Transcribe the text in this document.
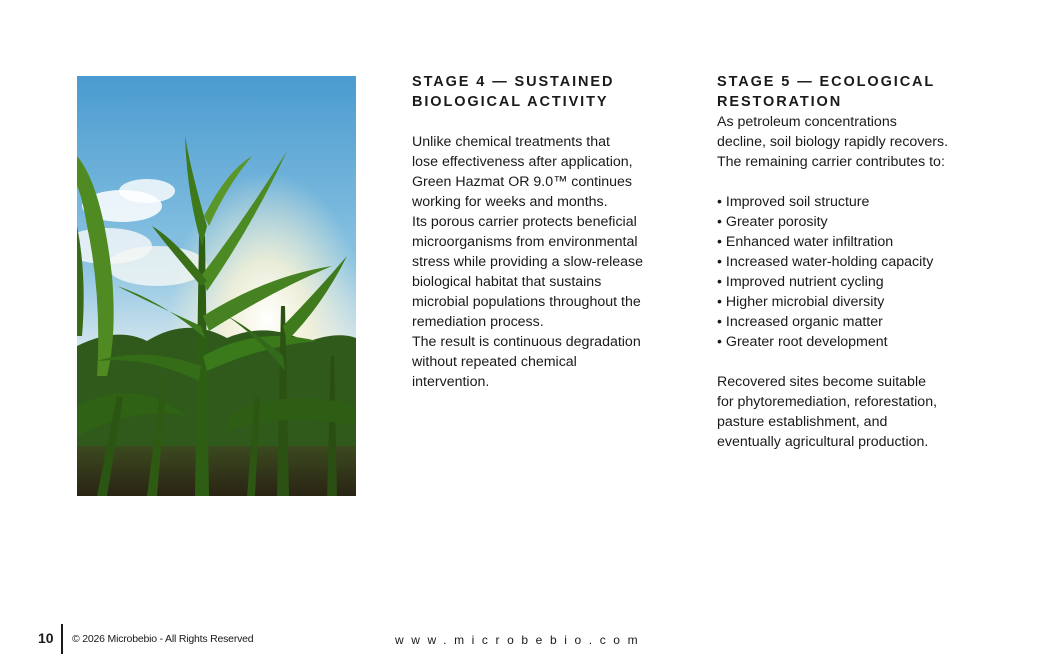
STAGE 4 — SUSTAINED
BIOLOGICAL ACTIVITY

Unlike chemical treatments that
lose effectiveness after application,
Green Hazmat OR 9.0™ continues
working for weeks and months.
Its porous carrier protects beneficial
microorganisms from environmental
stress while providing a slow-release
biological habitat that sustains
microbial populations throughout the
remediation process.
The result is continuous degradation
without repeated chemical
intervention.

STAGE 5 — ECOLOGICAL
RESTORATION

As petroleum concentrations
decline, soil biology rapidly recovers.
The remaining carrier contributes to:

• Improved soil structure
• Greater porosity
• Enhanced water infiltration
• Increased water-holding capacity
• Improved nutrient cycling
• Higher microbial diversity
• Increased organic matter
• Greater root development

Recovered sites become suitable
for phytoremediation, reforestation,
pasture establishment, and
eventually agricultural production.

10 © 2026 Microbebio - All Rights Reserved	www.microbebio.com
